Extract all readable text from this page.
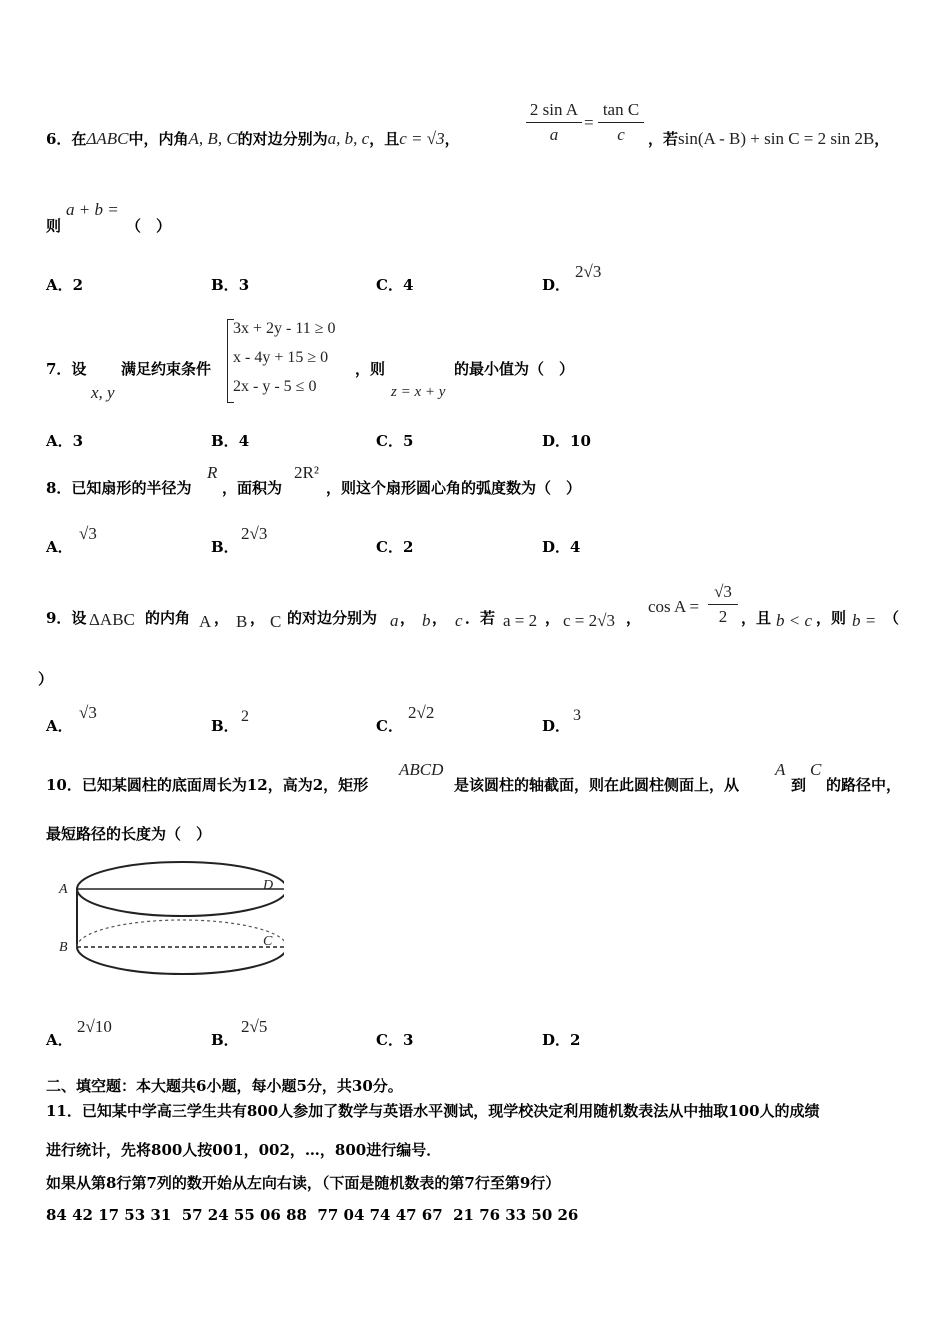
6．在ΔABC中，内角A, B, C的对边分别为a, b, c，且c = √3，	$\frac{\text{2 sin A}}{a} = \frac{\text{tan C}}{c}$ ，若sin(A - B) + sin C = 2 sin 2B，
则
a + b =
（　）
A．2	B．3	C．4	D．
2√3
7．设
x, y
满足约束条件
3x + 2y - 11 ≥ 0
x - 4y + 15 ≥ 0
2x - y - 5 ≤ 0
，则
z = x + y
的最小值为（　）
A．3	B．4	C．5	D．10
8．已知扇形的半径为
R
，面积为
2R²
，则这个扇形圆心角的弧度数为（　）
A．
√3
B．
2√3
C．2	D．4
9．设 ΔABC 的内角 A ， B ， C 的对边分别为 a ， b ， c ．若 a = 2 ， c = 2√3 ，
$\cos A = \frac{√3}{2}$ ，且 b < c ，则 b = （
）
A．
√3
B．
2
C．
2√2
D．
3
10．已知某圆柱的底面周长为12，高为2，矩形
ABCD
是该圆柱的轴截面，则在此圆柱侧面上，从
A
到
C
的路径中，
最短路径的长度为（　）
A	D
B	C
A．
2√10
B．
2√5
C．3	D．2
二、填空题：本大题共6小题，每小题5分，共30分。
11．已知某中学高三学生共有800人参加了数学与英语水平测试，现学校决定利用随机数表法从中抽取100人的成绩
进行统计，先将800人按001，002，…，800进行编号．
如果从第8行第7列的数开始从左向右读，（下面是随机数表的第7行至第9行）
84 42 17 53 31  57 24 55 06 88  77 04 74 47 67  21 76 33 50 26
